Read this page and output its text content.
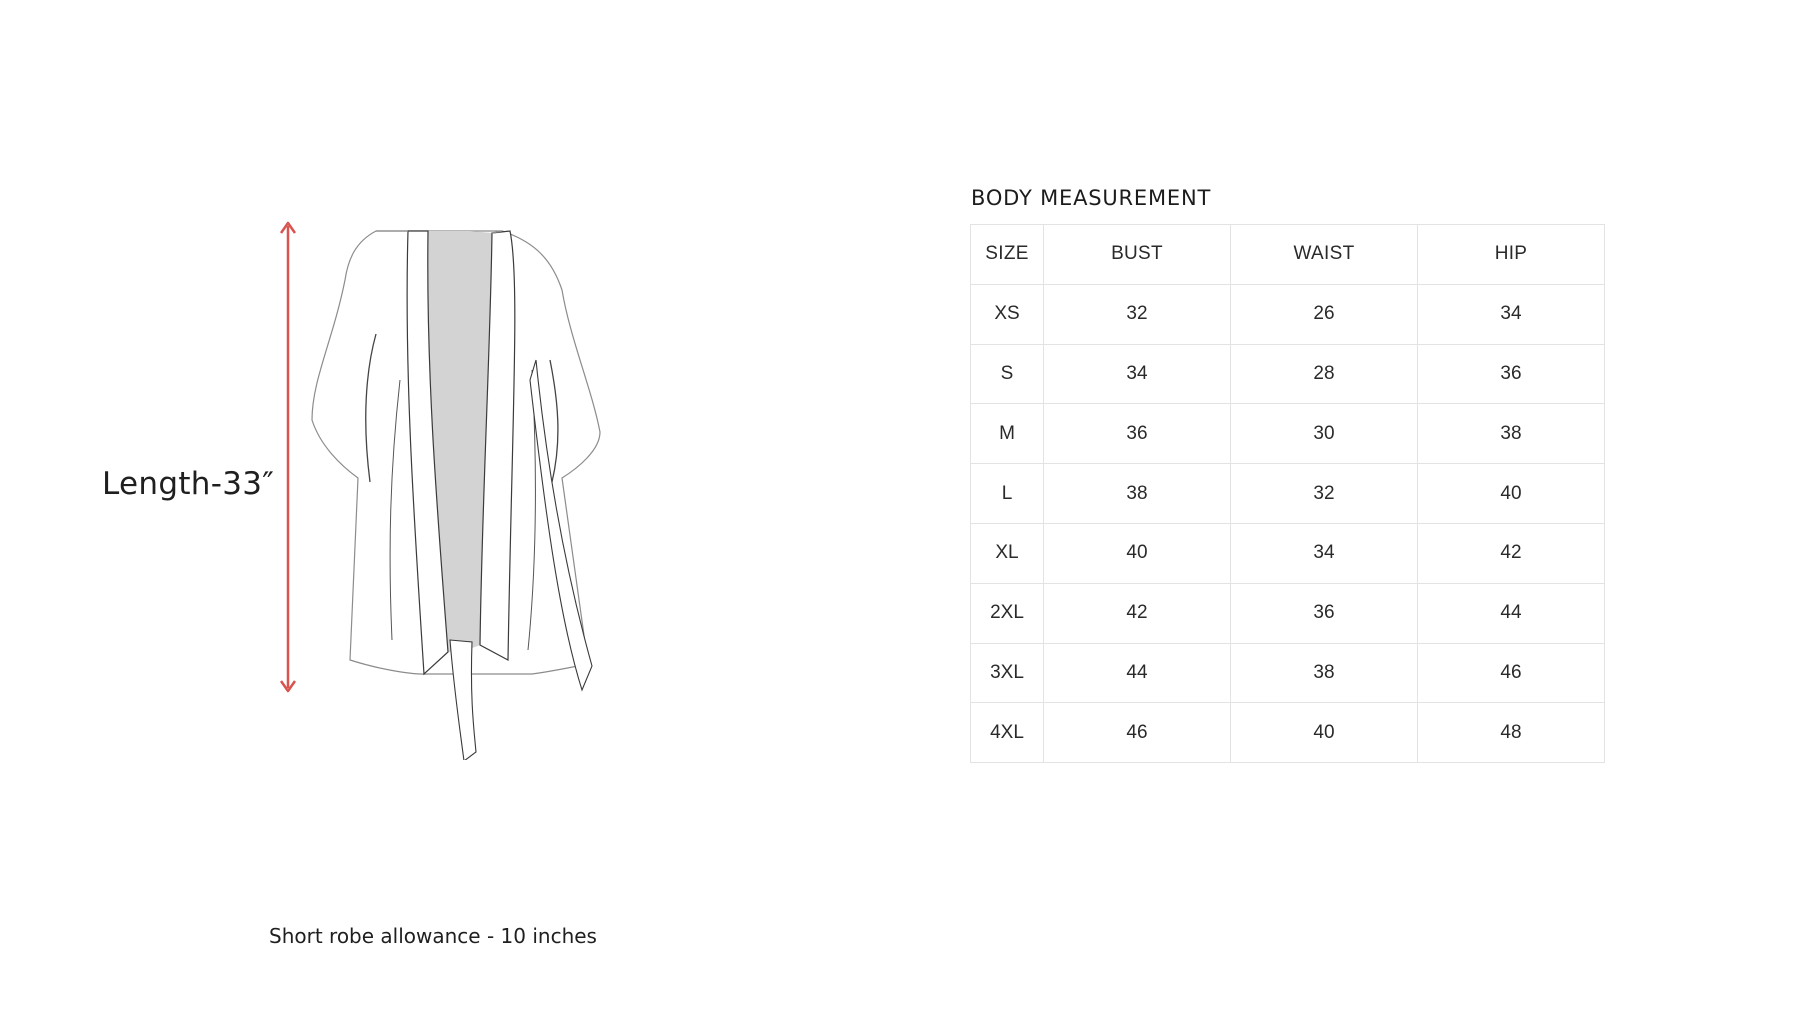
Length-33″
Short robe allowance - 10 inches
BODY MEASUREMENT
SIZE	BUST	WAIST	HIP
XS	32	26	34
S	34	28	36
M	36	30	38
L	38	32	40
XL	40	34	42
2XL	42	36	44
3XL	44	38	46
4XL	46	40	48
